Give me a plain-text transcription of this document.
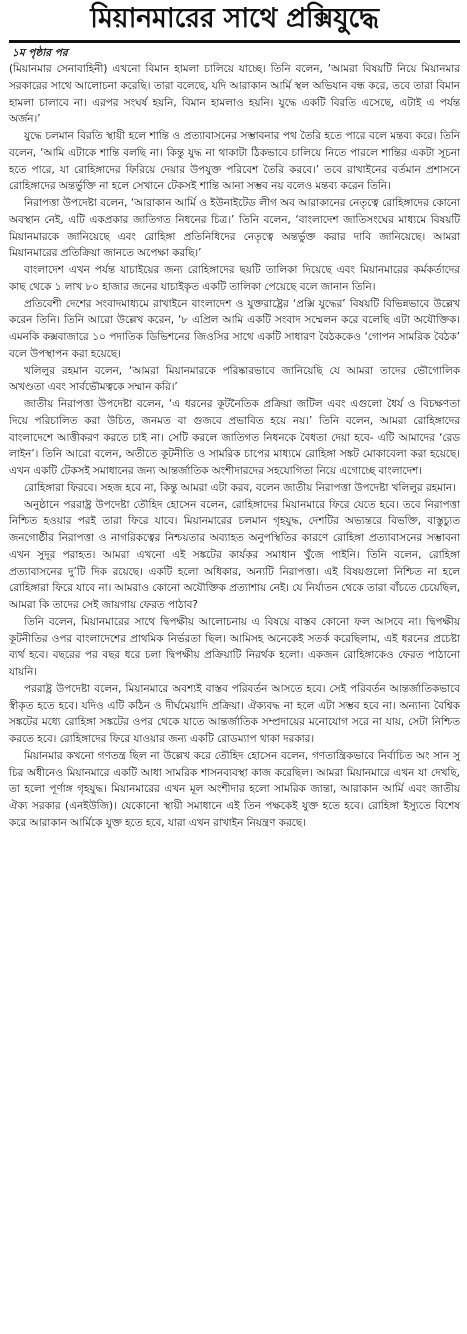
মিয়ানমারের সাথে প্রক্সিযুদ্ধে
১ম পৃষ্ঠার পর

(মিয়ানমার সেনাবাহিনী) এখনো বিমান হামলা চালিয়ে যাচ্ছে। তিনি বলেন, ‘আমরা বিষয়টি নিয়ে মিয়ানমার সরকারের সাথে আলোচনা করেছি। তারা বলেছে, যদি আরাকান আর্মি স্থল অভিযান বন্ধ করে, তবে তারা বিমান হামলা চালাবে না। এরপর সংঘর্ষ হয়নি, বিমান হামলাও হয়নি। যুদ্ধে একটি বিরতি এসেছে, এটাই এ পর্যন্ত অর্জন।’

যুদ্ধে চলমান বিরতি স্থায়ী হলে শান্তি ও প্রত্যাবাসনের সম্ভাবনার পথ তৈরি হতে পারে বলে মন্তব্য করে। তিনি বলেন, ‘আমি এটাকে শান্তি বলছি না। কিন্তু যুদ্ধ না থাকাটা ঠিকভাবে চালিয়ে নিতে পারলে শান্তির একটা সূচনা হতে পারে, যা রোহিঙ্গাদের ফিরিয়ে দেয়ার উপযুক্ত পরিবেশ তৈরি করবে।’ তবে রাখাইনের বর্তমান প্রশাসনে রোহিঙ্গাদের অন্তর্ভুক্তি না হলে সেখানে টেকসই শান্তি আনা সম্ভব নয় বলেও মন্তব্য করেন তিনি।

নিরাপত্তা উপদেষ্টা বলেন, ‘আরাকান আর্মি ও ইউনাইটেড লীগ অব আরাকানের নেতৃত্বে রোহিঙ্গাদের কোনো অবস্থান নেই, এটি একপ্রকার জাতিগত নিধনের চিত্র।’ তিনি বলেন, ‘বাংলাদেশ জাতিসংঘের মাধ্যমে বিষয়টি মিয়ানমারকে জানিয়েছে এবং রোহিঙ্গা প্রতিনিধিদের নেতৃত্বে অন্তর্ভুক্ত করার দাবি জানিয়েছে। আমরা মিয়ানমারের প্রতিক্রিয়া জানতে অপেক্ষা করছি।’

বাংলাদেশ এখন পর্যন্ত যাচাইয়ের জন্য রোহিঙ্গাদের ছয়টি তালিকা দিয়েছে এবং মিয়ানমারের কর্মকর্তাদের কাছ থেকে ১ লাখ ৮০ হাজার জনের যাচাইকৃত একটি তালিকা পেয়েছে বলে জানান তিনি।

প্রতিবেশী দেশের সংবাদমাধ্যমে রাখাইনে বাংলাদেশ ও যুক্তরাষ্ট্রের ‘প্রক্সি যুদ্ধের’ বিষয়টি বিভিন্নভাবে উল্লেখ করেন তিনি। তিনি আরো উল্লেখ করেন, ‘৮ এপ্রিল আমি একটি সংবাদ সম্মেলন করে বলেছি এটা অযৌক্তিক। এমনকি কক্সবাজারে ১০ পদাতিক ডিভিশনের জিওসির সাথে একটি সাধারণ বৈঠককেও ‘গোপন সামরিক বৈঠক’ বলে উপস্থাপন করা হয়েছে।

খলিলুর রহমান বলেন, ‘আমরা মিয়ানমারকে পরিষ্কারভাবে জানিয়েছি যে আমরা তাদের ভৌগোলিক অখণ্ডতা এবং সার্বভৌমত্বকে সম্মান করি।’

জাতীয় নিরাপত্তা উপদেষ্টা বলেন, ‘এ ধরনের কূটনৈতিক প্রক্রিয়া জটিল এবং এগুলো ধৈর্য ও বিচক্ষণতা দিয়ে পরিচালিত করা উচিত, জনমত বা গুজবে প্রভাবিত হয়ে নয়।’ তিনি বলেন, আমরা রোহিঙ্গাদের বাংলাদেশে আত্তীকরণ করতে চাই না। সেটি করলে জাতিগত নিধনকে বৈধতা দেয়া হবে- এটি আমাদের ‘রেড লাইন’। তিনি আরো বলেন, অতীতে কূটনীতি ও সামরিক চাপের মাধ্যমে রোহিঙ্গা সঙ্কট মোকাবেলা করা হয়েছে। এখন একটি টেকসই সমাধানের জন্য আন্তর্জাতিক অংশীদারদের সহযোগিতা নিয়ে এগোচ্ছে বাংলাদেশ।

রোহিঙ্গারা ফিরবে। সহজ হবে না, কিন্তু আমরা এটা করব, বলেন জাতীয় নিরাপত্তা উপদেষ্টা খলিলুর রহমান।

অনুষ্ঠানে পররাষ্ট্র উপদেষ্টা তৌহিদ হোসেন বলেন, রোহিঙ্গাদের মিয়ানমারে ফিরে যেতে হবে। তবে নিরাপত্তা নিশ্চিত হওয়ার পরই তারা ফিরে যাবে। মিয়ানমারের চলমান গৃহযুদ্ধ, দেশটির অভ্যন্তরে বিভক্তি, বাস্তুচ্যুত জনগোষ্ঠীর নিরাপত্তা ও নাগরিকত্বের নিশ্চয়তার অব্যাহত অনুপস্থিতির কারণে রোহিঙ্গা প্রত্যাবাসনের সম্ভাবনা এখন সুদূর পরাহত। আমরা এখনো এই সঙ্কটের কার্যকর সমাধান খুঁজে পাইনি। তিনি বলেন, রোহিঙ্গা প্রত্যাবাসনের দু’টি দিক রয়েছে। একটি হলো অধিকার, অন্যটি নিরাপত্তা। এই বিষয়গুলো নিশ্চিত না হলে রোহিঙ্গারা ফিরে যাবে না। আমরাও কোনো অযৌক্তিক প্রত্যাশায় নেই। যে নির্যাতন থেকে তারা বাঁচতে চেয়েছিল, আমরা কি তাদের সেই জায়গায় ফেরত পাঠাব?

তিনি বলেন, মিয়ানমারের সাথে দ্বিপক্ষীয় আলোচনায় এ বিষয়ে বাস্তব কোনো ফল আসবে না। দ্বিপক্ষীয় কূটনীতির ওপর বাংলাদেশের প্রাথমিক নির্ভরতা ছিল। আমিসহ অনেকেই সতর্ক করেছিলাম, এই ধরনের প্রচেষ্টা ব্যর্থ হবে। বছরের পর বছর ধরে চলা দ্বিপক্ষীয় প্রক্রিয়াটি নিরর্থক হলো। একজন রোহিঙ্গাকেও ফেরত পাঠানো যায়নি।

পররাষ্ট্র উপদেষ্টা বলেন, মিয়ানমারে অবশ্যই বাস্তব পরিবর্তন আসতে হবে। সেই পরিবর্তন আন্তর্জাতিকভাবে স্বীকৃত হতে হবে। যদিও এটি কঠিন ও দীর্ঘমেয়াদি প্রক্রিয়া। ঐক্যবদ্ধ না হলে এটা সম্ভব হবে না। অন্যান্য বৈশ্বিক সঙ্কটের মধ্যে রোহিঙ্গা সঙ্কটের ওপর থেকে যাতে আন্তর্জাতিক সম্প্রদায়ের মনোযোগ সরে না যায়, সেটা নিশ্চিত করতে হবে। রোহিঙ্গাদের ফিরে যাওয়ার জন্য একটি রোডম্যাপ থাকা দরকার।

মিয়ানমার কখনো গণতন্ত্র ছিল না উল্লেখ করে তৌহিদ হোসেন বলেন, গণতান্ত্রিকভাবে নির্বাচিত অং সান সু চির অধীনেও মিয়ানমারে একটি আধা সামরিক শাসনব্যবস্থা কাজ করেছিল। আমরা মিয়ানমারে এখন যা দেখছি, তা হলো পূর্ণাঙ্গ গৃহযুদ্ধ। মিয়ানমারের এখন মূল অংশীদার হলো সামরিক জান্তা, আরাকান আর্মি এবং জাতীয় ঐক্য সরকার (এনইউজি)। যেকোনো স্থায়ী সমাধানে এই তিন পক্ষকেই যুক্ত হতে হবে। রোহিঙ্গা ইস্যুতে বিশেষ করে আরাকান আর্মিকে যুক্ত হতে হবে, যারা এখন রাখাইন নিয়ন্ত্রণ করছে।
